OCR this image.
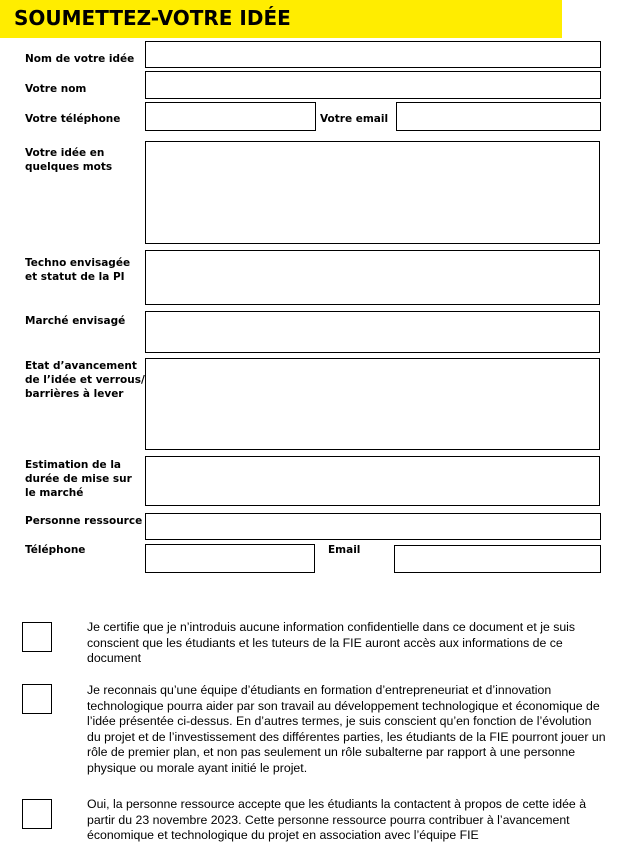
SOUMETTEZ-VOTRE IDÉE
Nom de votre idée
Votre nom
Votre téléphone	Votre email
Votre idée en
quelques mots
Techno envisagée
et statut de la PI
Marché envisagé
Etat d’avancement
de l’idée et verrous/
barrières à lever
Estimation de la
durée de mise sur
le marché
Personne ressource
Téléphone	Email
Je certifie que je n’introduis aucune information confidentielle dans ce document et je suis conscient que les étudiants et les tuteurs de la FIE auront accès aux informations de ce document
Je reconnais qu’une équipe d’étudiants en formation d’entrepreneuriat et d’innovation technologique pourra aider par son travail au développement technologique et économique de l’idée présentée ci-dessus. En d’autres termes, je suis conscient qu’en fonction de l’évolution du projet et de l’investissement des différentes parties, les étudiants de la FIE pourront jouer un rôle de premier plan, et non pas seulement un rôle subalterne par rapport à une personne physique ou morale ayant initié le projet.
Oui, la personne ressource accepte que les étudiants la contactent à propos de cette idée à partir du 23 novembre 2023. Cette personne ressource pourra contribuer à l’avancement économique et technologique du projet en association avec l’équipe FIE
